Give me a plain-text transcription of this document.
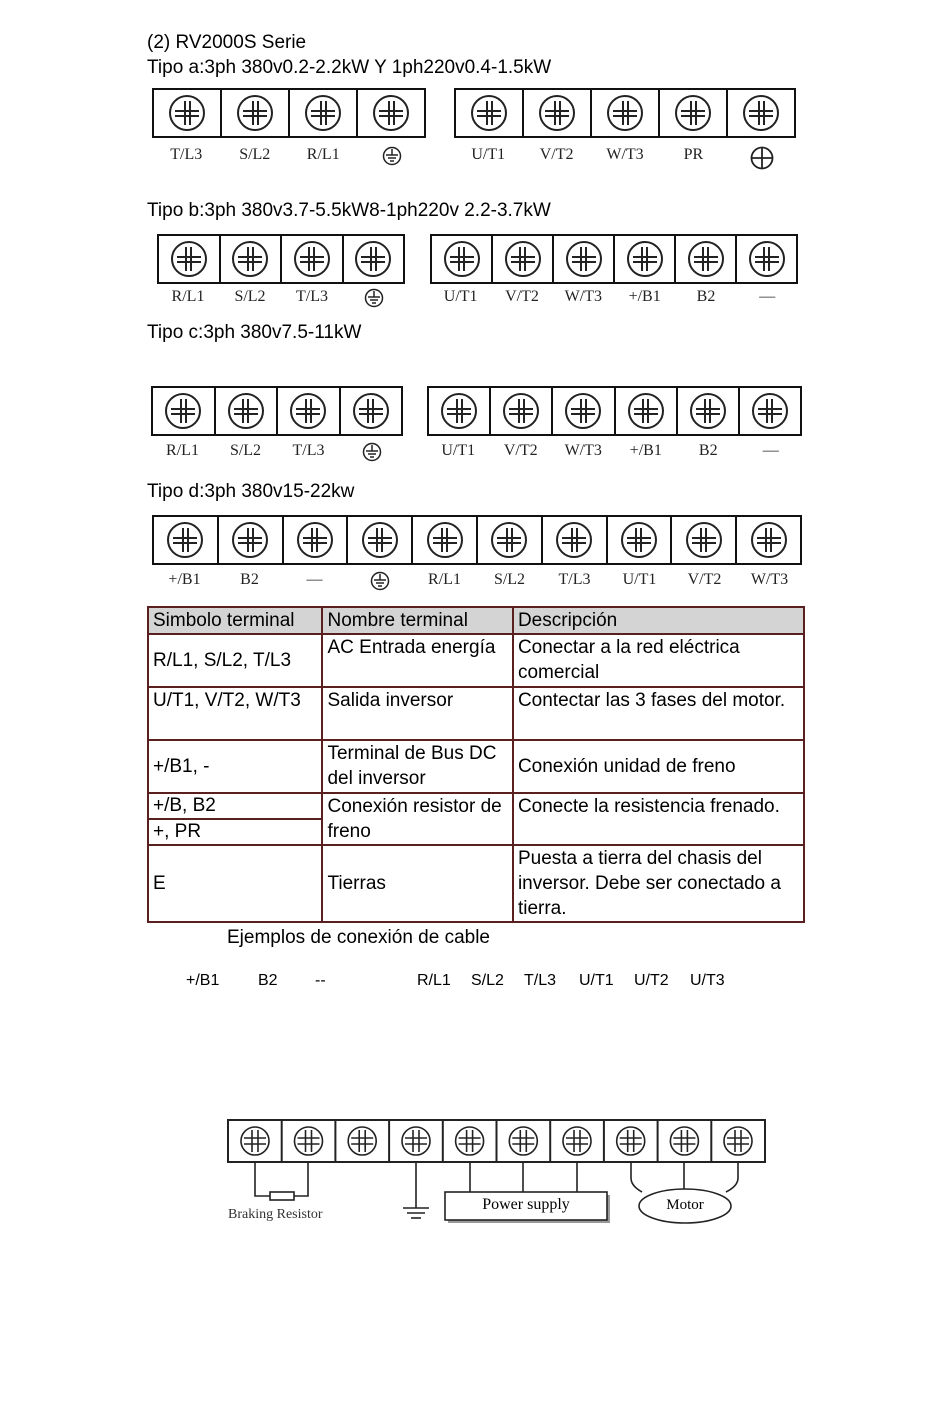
(2) RV2000S Serie
Tipo a:3ph 380v0.2-2.2kW Y 1ph220v0.4-1.5kW
T/L3	S/L2	R/L1	U/T1	V/T2	W/T3	PR
Tipo b:3ph 380v3.7-5.5kW8-1ph220v 2.2-3.7kW
R/L1	S/L2	T/L3	U/T1	V/T2	W/T3	+/B1	B2	—
Tipo c:3ph 380v7.5-11kW
R/L1	S/L2	T/L3	U/T1	V/T2	W/T3	+/B1	B2	—
Tipo d:3ph 380v15-22kw
+/B1	B2	—	R/L1	S/L2	T/L3	U/T1	V/T2	W/T3
Simbolo terminal	Nombre terminal	Descripción
R/L1, S/L2, T/L3	AC Entrada energía	Conectar a la red eléctrica comercial
U/T1, V/T2, W/T3	Salida inversor	Contectar las 3 fases del motor.
+/B1, -	Terminal de Bus DC del inversor	Conexión unidad de freno
+/B, B2	Conexión resistor de freno	Conecte la resistencia frenado.
+, PR		
E	Tierras	Puesta a tierra del chasis del inversor. Debe ser conectado a tierra.
Ejemplos de conexión de cable
+/B1 B2 --	R/L1 S/L2 T/L3 U/T1 U/T2 U/T3
Braking Resistor
Power supply	Motor
